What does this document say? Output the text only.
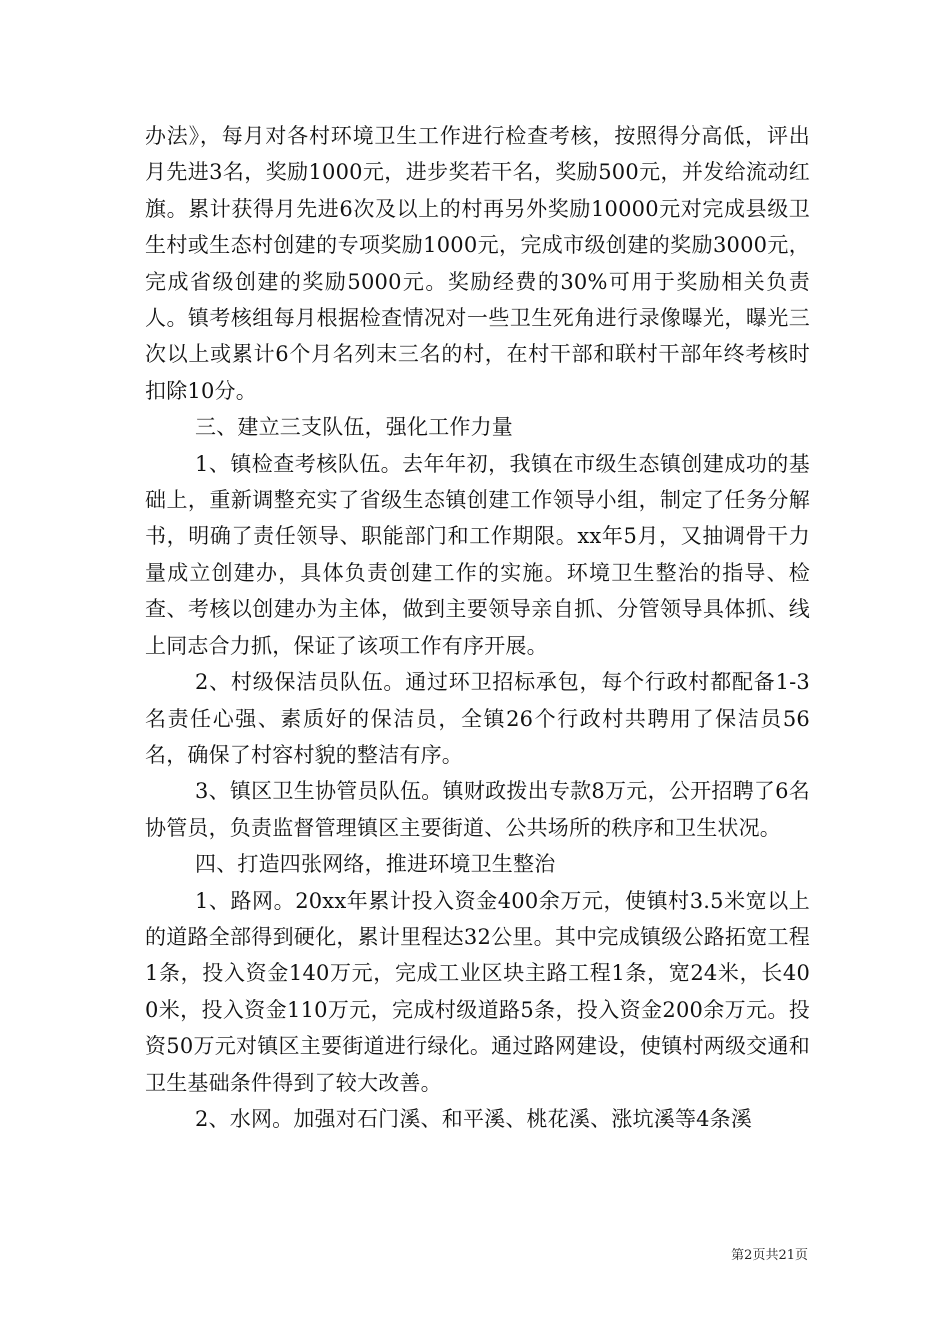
办法》，每月对各村环境卫生工作进行检查考核，按照得分高低，评出月先进3名，奖励1000元，进步奖若干名，奖励500元，并发给流动红旗。累计获得月先进6次及以上的村再另外奖励10000元对完成县级卫生村或生态村创建的专项奖励1000元，完成市级创建的奖励3000元，完成省级创建的奖励5000元。奖励经费的30%可用于奖励相关负责人。镇考核组每月根据检查情况对一些卫生死角进行录像曝光，曝光三次以上或累计6个月名列末三名的村，在村干部和联村干部年终考核时扣除10分。

三、建立三支队伍，强化工作力量

1、镇检查考核队伍。去年年初，我镇在市级生态镇创建成功的基础上，重新调整充实了省级生态镇创建工作领导小组，制定了任务分解书，明确了责任领导、职能部门和工作期限。xx年5月，又抽调骨干力量成立创建办，具体负责创建工作的实施。环境卫生整治的指导、检查、考核以创建办为主体，做到主要领导亲自抓、分管领导具体抓、线上同志合力抓，保证了该项工作有序开展。

2、村级保洁员队伍。通过环卫招标承包，每个行政村都配备1-3名责任心强、素质好的保洁员，全镇26个行政村共聘用了保洁员56名，确保了村容村貌的整洁有序。

3、镇区卫生协管员队伍。镇财政拨出专款8万元，公开招聘了6名协管员，负责监督管理镇区主要街道、公共场所的秩序和卫生状况。

四、打造四张网络，推进环境卫生整治

1、路网。20xx年累计投入资金400余万元，使镇村3.5米宽以上的道路全部得到硬化，累计里程达32公里。其中完成镇级公路拓宽工程1条，投入资金140万元，完成工业区块主路工程1条，宽24米，长400米，投入资金110万元，完成村级道路5条，投入资金200余万元。投资50万元对镇区主要街道进行绿化。通过路网建设，使镇村两级交通和卫生基础条件得到了较大改善。

2、水网。加强对石门溪、和平溪、桃花溪、涨坑溪等4条溪

第2页共21页
